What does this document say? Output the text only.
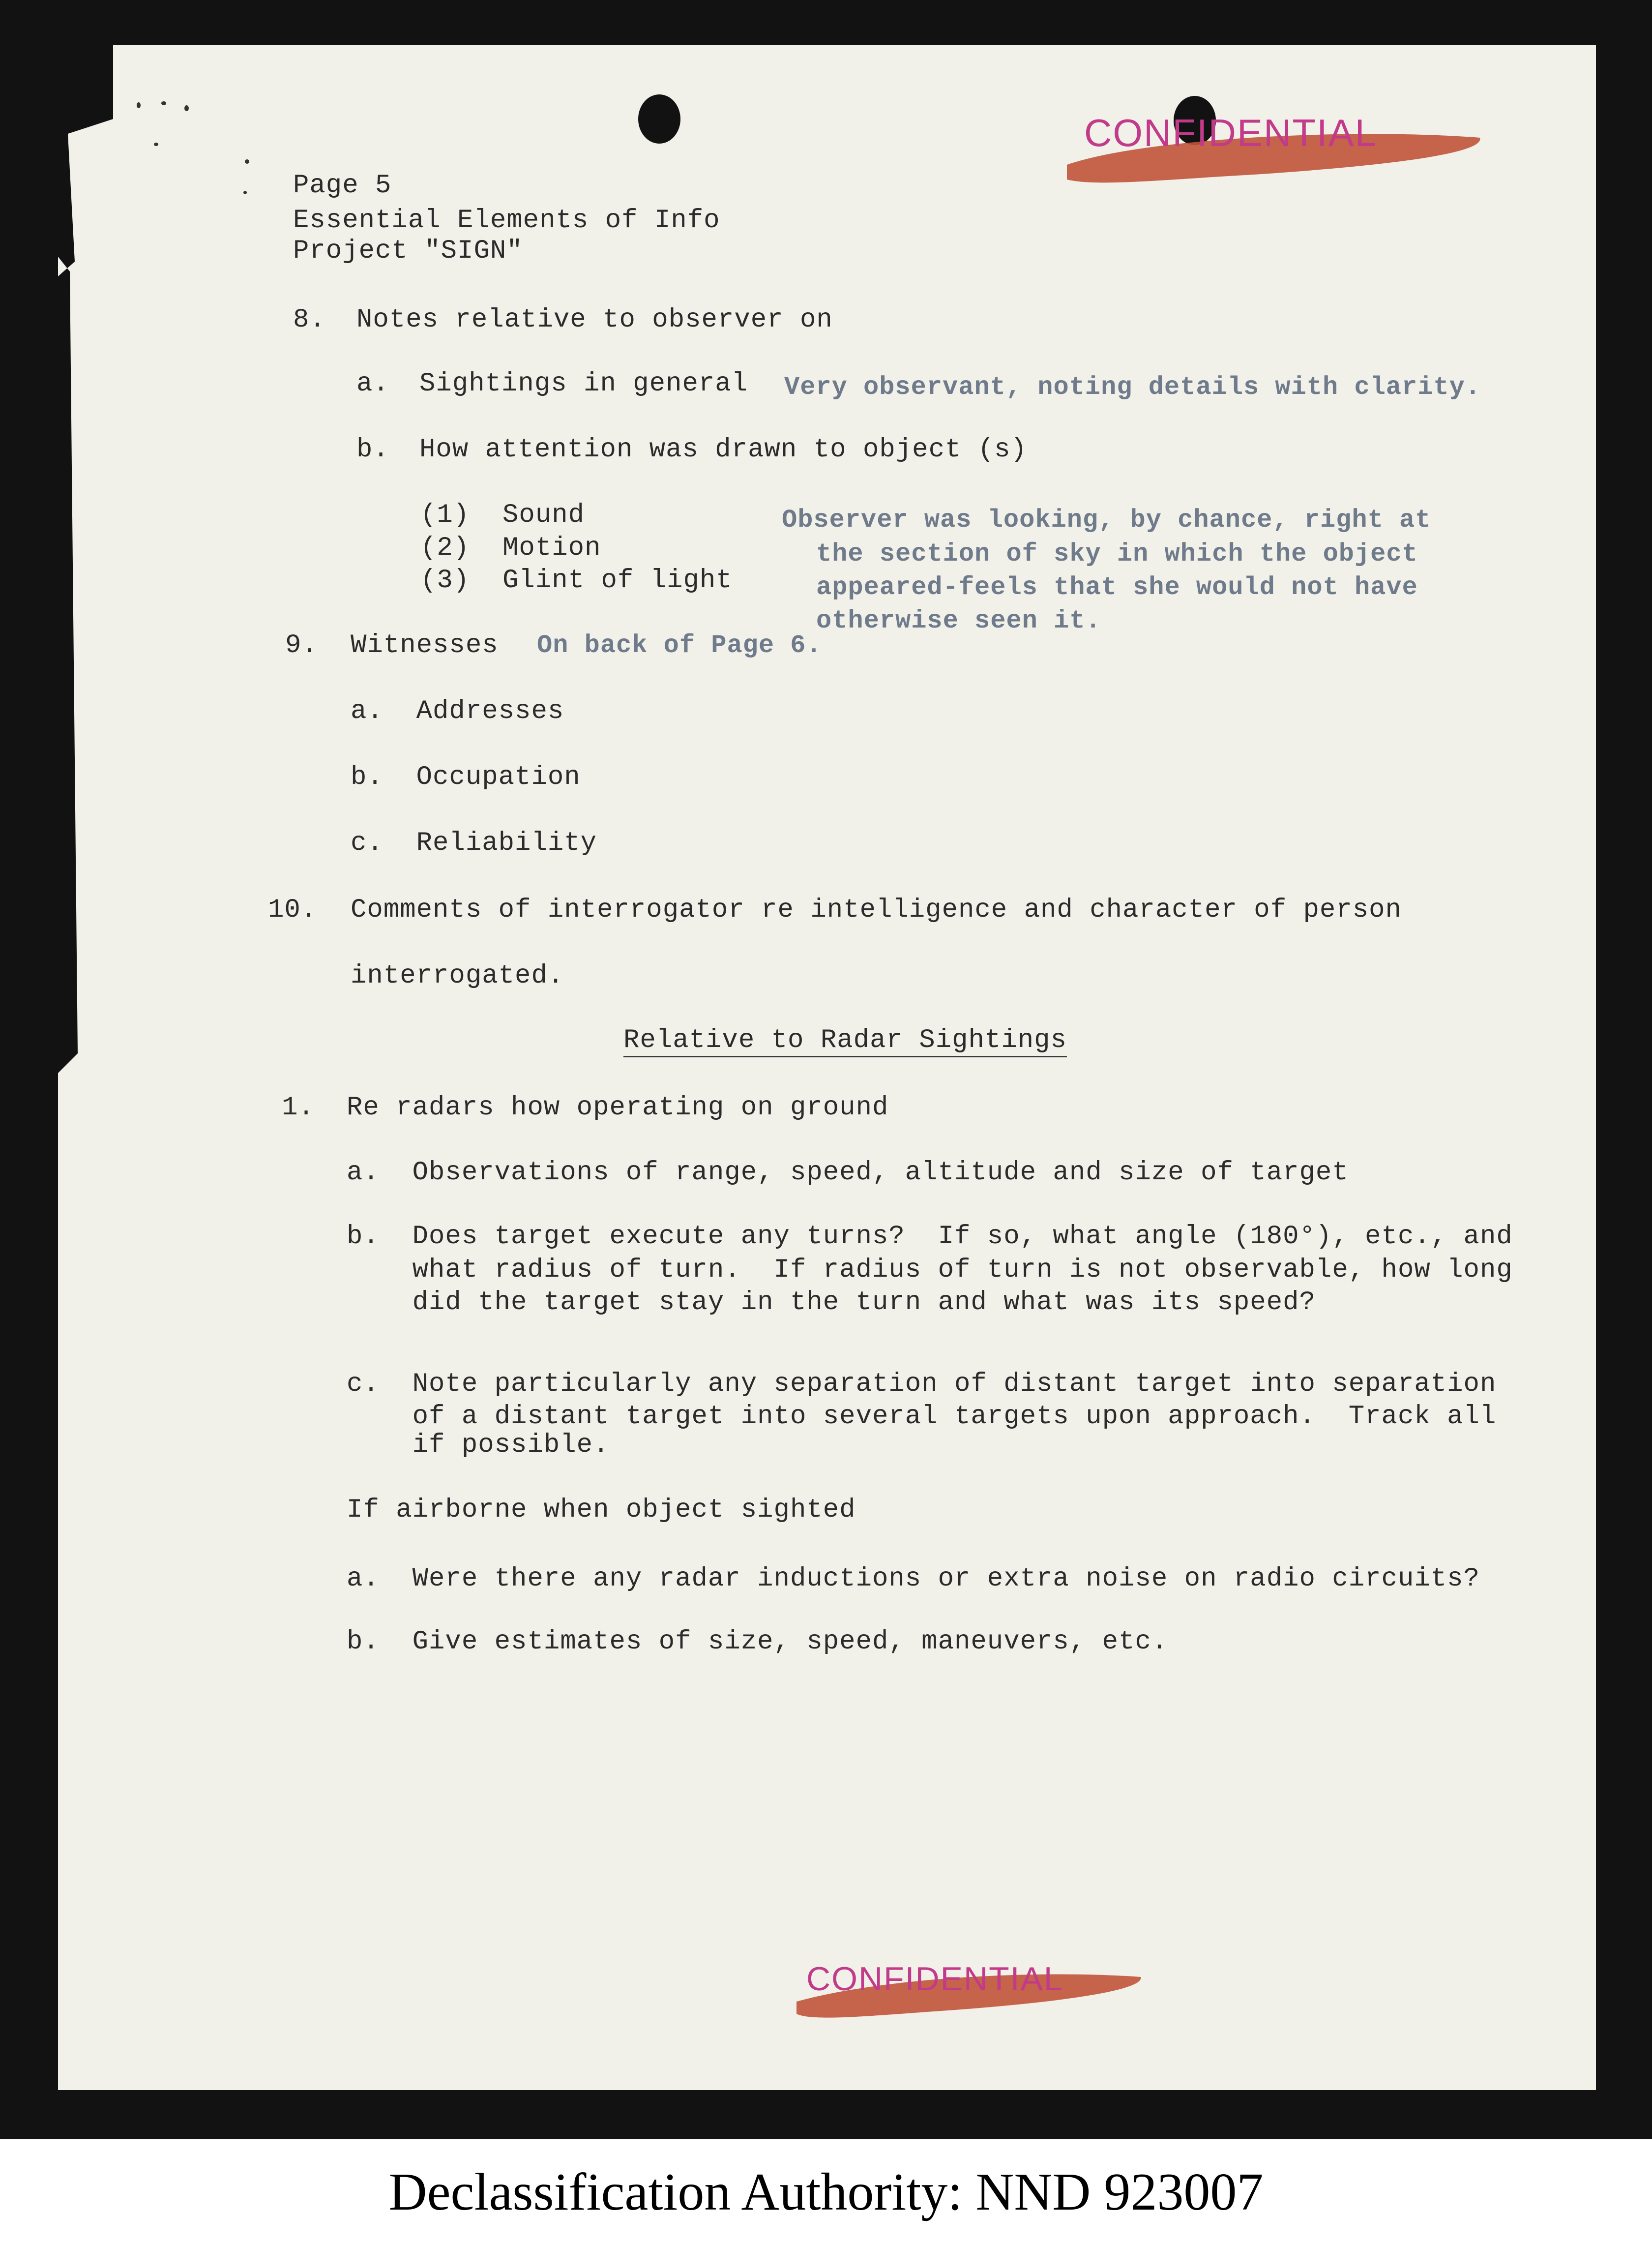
CONFIDENTIAL
CONFIDENTIAL
Page 5
Essential Elements of Info
Project "SIGN"
8. Notes relative to observer on
a. Sightings in general Very observant, noting details with clarity.
b. How attention was drawn to object (s)
(1)  Sound
(2)  Motion
(3)  Glint of light
Observer was looking, by chance, right at
the section of sky in which the object
appeared-feels that she would not have
otherwise seen it.
9. Witnesses On back of Page 6.
a.  Addresses
b.  Occupation
c.  Reliability
10. Comments of interrogator re intelligence and character of person
interrogated.
Relative to Radar Sightings
1. Re radars how operating on ground
a.  Observations of range, speed, altitude and size of target
b.  Does target execute any turns?  If so, what angle (180°), etc., and
what radius of turn.  If radius of turn is not observable, how long
did the target stay in the turn and what was its speed?
c.  Note particularly any separation of distant target into separation
of a distant target into several targets upon approach.  Track all
if possible.
If airborne when object sighted
a.  Were there any radar inductions or extra noise on radio circuits?
b.  Give estimates of size, speed, maneuvers, etc.
Declassification Authority: NND 923007
